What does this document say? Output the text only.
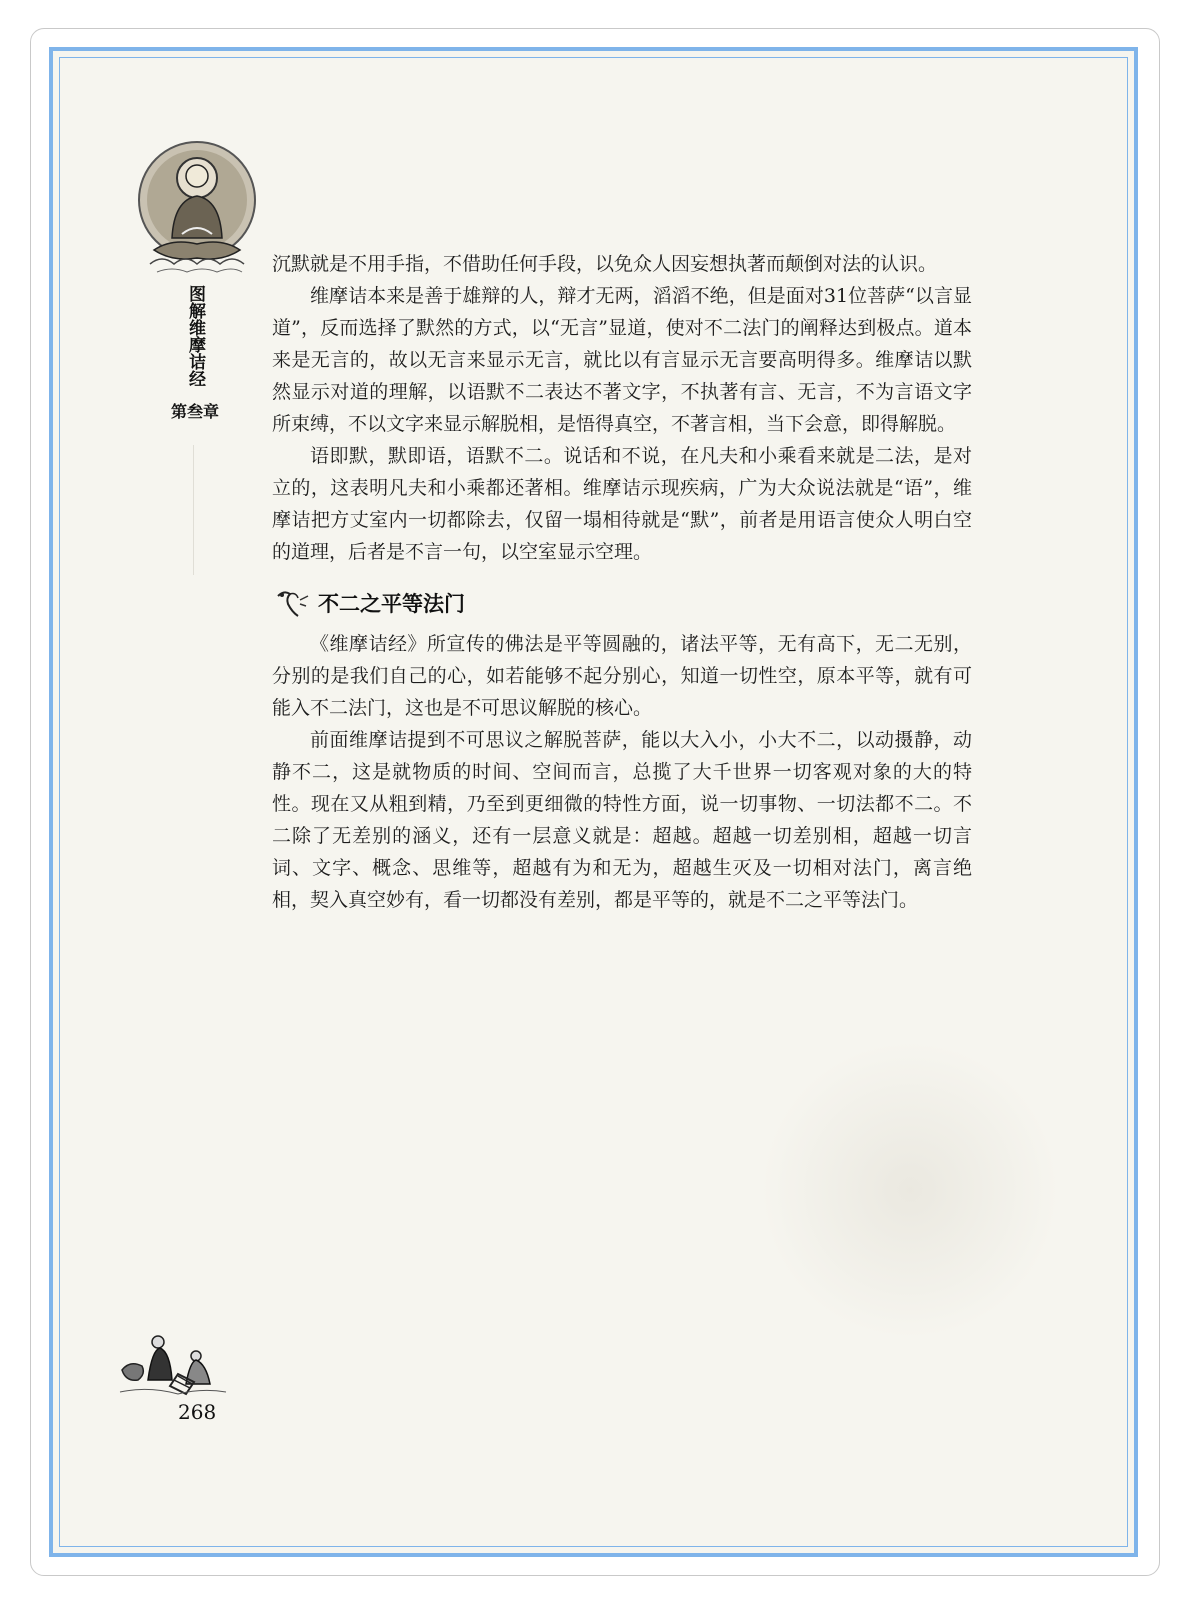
图解维摩诘经
第叁章

沉默就是不用手指，不借助任何手段，以免众人因妄想执著而颠倒对法的认识。

维摩诘本来是善于雄辩的人，辩才无两，滔滔不绝，但是面对31位菩萨“以言显道”，反而选择了默然的方式，以“无言”显道，使对不二法门的阐释达到极点。道本来是无言的，故以无言来显示无言，就比以有言显示无言要高明得多。维摩诘以默然显示对道的理解，以语默不二表达不著文字，不执著有言、无言，不为言语文字所束缚，不以文字来显示解脱相，是悟得真空，不著言相，当下会意，即得解脱。

语即默，默即语，语默不二。说话和不说，在凡夫和小乘看来就是二法，是对立的，这表明凡夫和小乘都还著相。维摩诘示现疾病，广为大众说法就是“语”，维摩诘把方丈室内一切都除去，仅留一塌相待就是“默”，前者是用语言使众人明白空的道理，后者是不言一句，以空室显示空理。

不二之平等法门

《维摩诘经》所宣传的佛法是平等圆融的，诸法平等，无有高下，无二无别，分别的是我们自己的心，如若能够不起分别心，知道一切性空，原本平等，就有可能入不二法门，这也是不可思议解脱的核心。

前面维摩诘提到不可思议之解脱菩萨，能以大入小，小大不二，以动摄静，动静不二，这是就物质的时间、空间而言，总揽了大千世界一切客观对象的大的特性。现在又从粗到精，乃至到更细微的特性方面，说一切事物、一切法都不二。不二除了无差别的涵义，还有一层意义就是：超越。超越一切差别相，超越一切言词、文字、概念、思维等，超越有为和无为，超越生灭及一切相对法门，离言绝相，契入真空妙有，看一切都没有差别，都是平等的，就是不二之平等法门。

268
